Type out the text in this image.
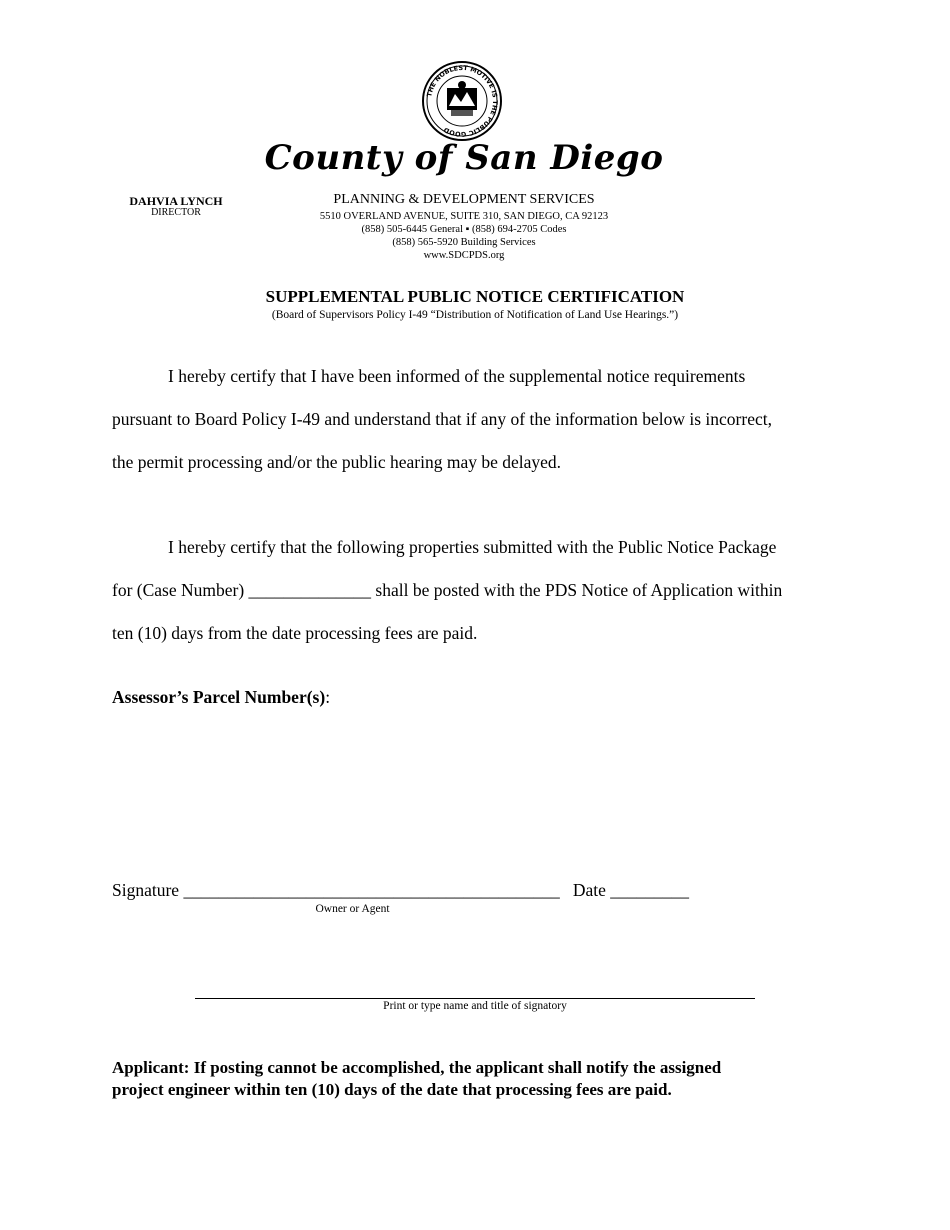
THE NOBLEST MOTIVE IS THE PUBLIC GOOD
County of San Diego
DAHVIA LYNCH
DIRECTOR
PLANNING & DEVELOPMENT SERVICES
5510 OVERLAND AVENUE, SUITE 310, SAN DIEGO, CA 92123
(858) 505-6445 General ▪ (858) 694-2705 Codes
(858) 565-5920 Building Services
www.SDCPDS.org
SUPPLEMENTAL PUBLIC NOTICE CERTIFICATION
(Board of Supervisors Policy I-49 “Distribution of Notification of Land Use Hearings.”)
I hereby certify that I have been informed of the supplemental notice requirements
pursuant to Board Policy I-49 and understand that if any of the information below is incorrect,
the permit processing and/or the public hearing may be delayed.
I hereby certify that the following properties submitted with the Public Notice Package
for (Case Number) ______________ shall be posted with the PDS Notice of Application within
ten (10) days from the date processing fees are paid.
Assessor’s Parcel Number(s):
Signature ___________________________________________ Date _________
Owner or Agent
Print or type name and title of signatory
Applicant: If posting cannot be accomplished, the applicant shall notify the assigned
project engineer within ten (10) days of the date that processing fees are paid.
